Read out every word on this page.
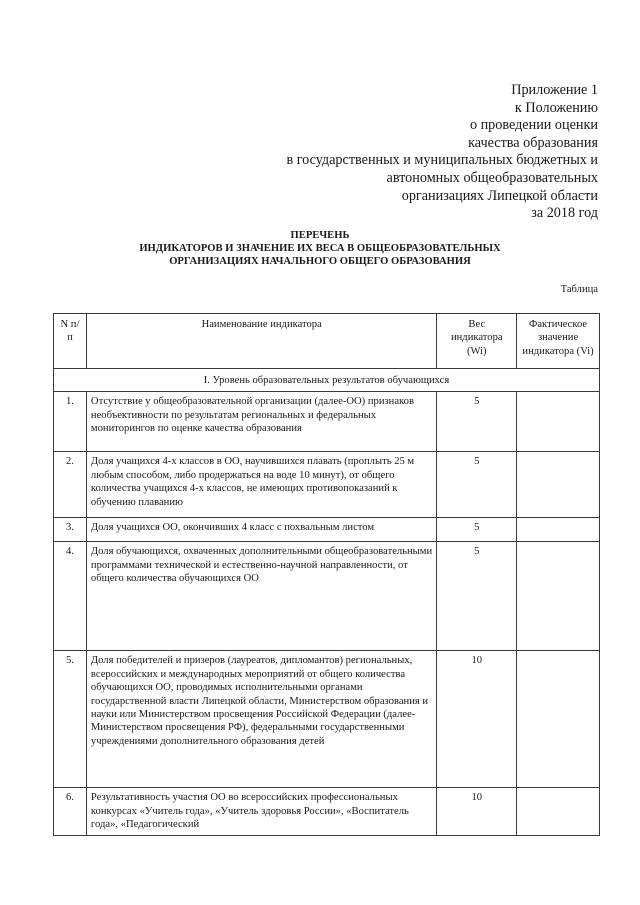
Приложение 1
к Положению
о проведении оценки
качества образования
в государственных и муниципальных бюджетных и
автономных общеобразовательных
организациях Липецкой области
за 2018 год
ПЕРЕЧЕНЬ
ИНДИКАТОРОВ И ЗНАЧЕНИЕ ИХ ВЕСА В ОБЩЕОБРАЗОВАТЕЛЬНЫХ
ОРГАНИЗАЦИЯХ НАЧАЛЬНОГО ОБЩЕГО ОБРАЗОВАНИЯ
Таблица
N п/п	Наименование индикатора	Вес индикатора (Wi)	Фактическое значение индикатора (Vi)
I. Уровень образовательных результатов обучающихся			
1.	Отсутствие у общеобразовательной организации (далее-ОО) признаков необъективности по результатам региональных и федеральных мониторингов по оценке качества образования	5	
2.	Доля учащихся 4-х классов в ОО, научившихся плавать (проплыть 25 м любым способом, либо продержаться на воде 10 минут), от общего количества учащихся 4-х классов, не имеющих противопоказаний к обучению плаванию	5	
3.	Доля учащихся ОО, окончивших 4 класс с похвальным листом	5	
4.	Доля обучающихся, охваченных дополнительными общеобразовательными программами технической и естественно-научной направленности, от общего количества обучающихся ОО	5	
5.	Доля победителей и призеров (лауреатов, дипломантов) региональных, всероссийских и международных мероприятий от общего количества обучающихся ОО, проводимых исполнительными органами государственной власти Липецкой области, Министерством образования и науки или Министерством просвещения Российской Федерации (далее-Министерством просвещения РФ), федеральными государственными учреждениями дополнительного образования детей	10	
6.	Результативность участия ОО во всероссийских профессиональных конкурсах «Учитель года», «Учитель здоровья России», «Воспитатель года», «Педагогический	10	
